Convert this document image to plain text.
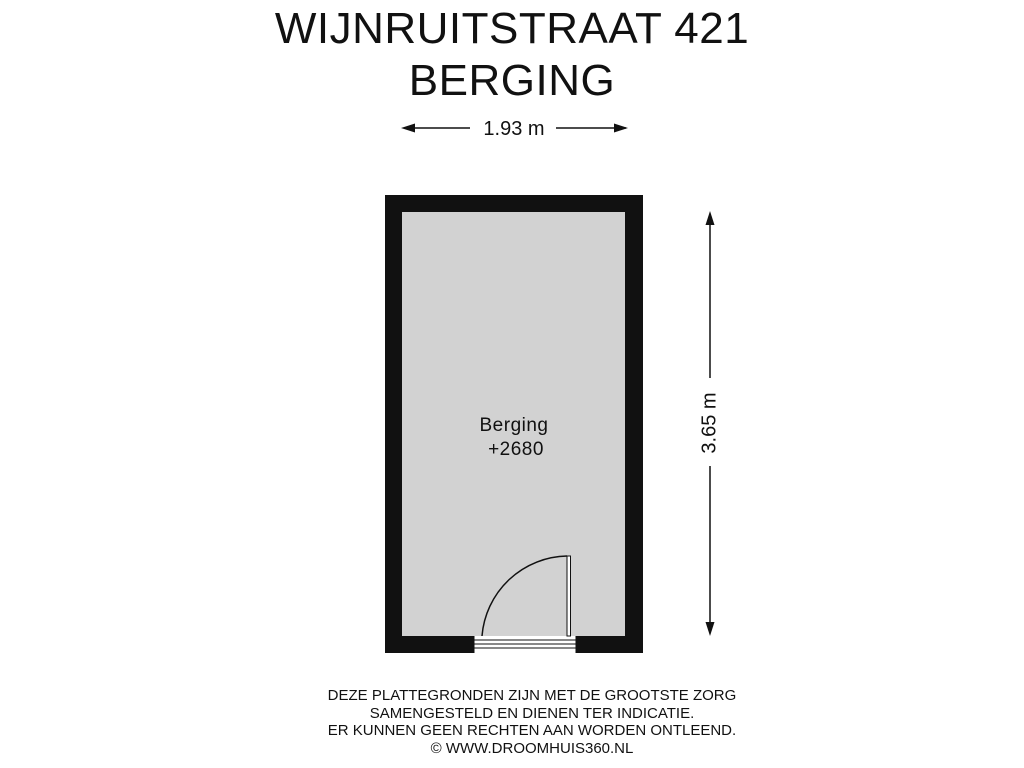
WIJNRUITSTRAAT 421
BERGING
1.93 m
3.65 m
Berging
+2680
DEZE PLATTEGRONDEN ZIJN MET DE GROOTSTE ZORG
SAMENGESTELD EN DIENEN TER INDICATIE.
ER KUNNEN GEEN RECHTEN AAN WORDEN ONTLEEND.
© WWW.DROOMHUIS360.NL
